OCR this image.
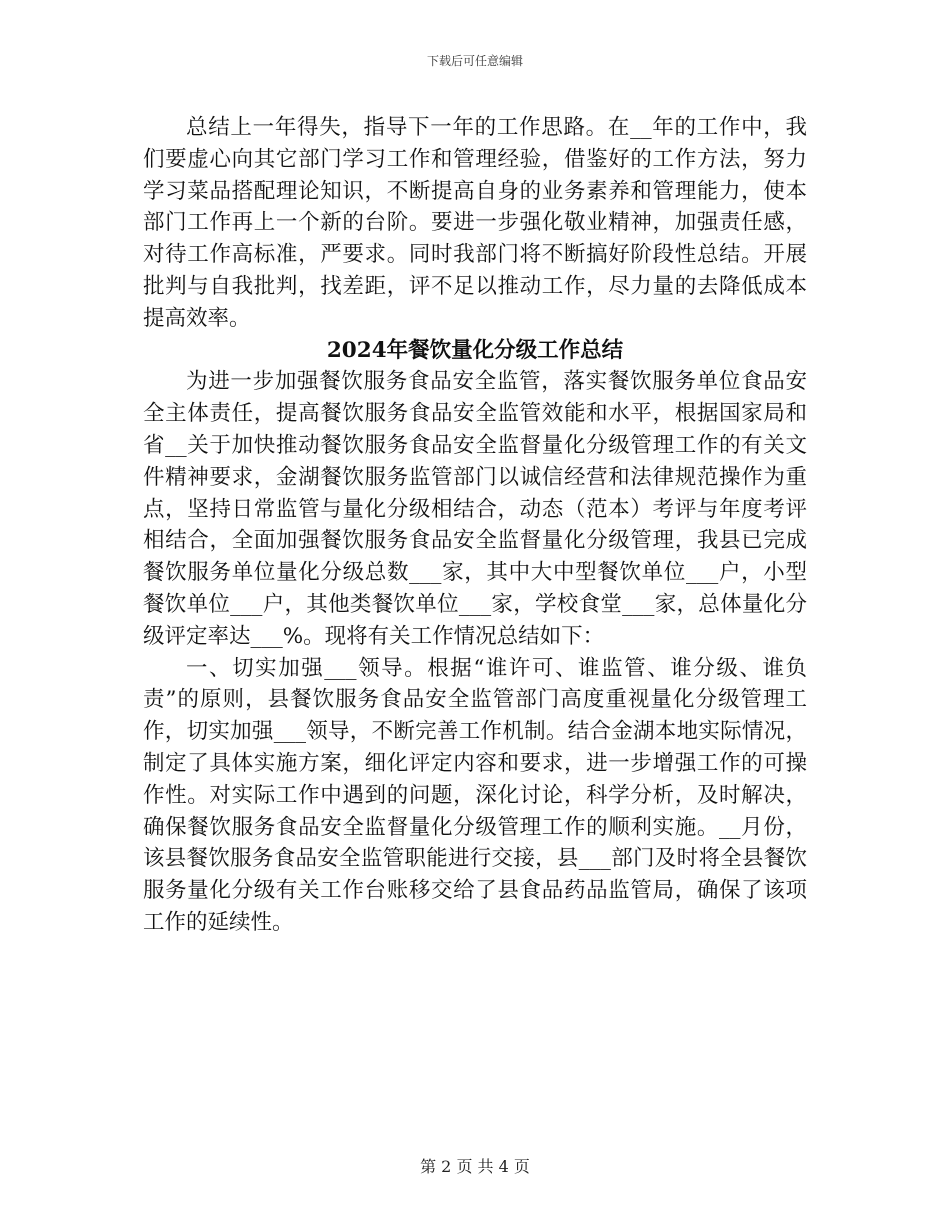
下载后可任意编辑

总结上一年得失，指导下一年的工作思路。在__年的工作中，我们要虚心向其它部门学习工作和管理经验，借鉴好的工作方法，努力学习菜品搭配理论知识，不断提高自身的业务素养和管理能力，使本部门工作再上一个新的台阶。要进一步强化敬业精神，加强责任感，对待工作高标准，严要求。同时我部门将不断搞好阶段性总结。开展批判与自我批判，找差距，评不足以推动工作，尽力量的去降低成本提高效率。

2024年餐饮量化分级工作总结

为进一步加强餐饮服务食品安全监管，落实餐饮服务单位食品安全主体责任，提高餐饮服务食品安全监管效能和水平，根据国家局和省__关于加快推动餐饮服务食品安全监督量化分级管理工作的有关文件精神要求，金湖餐饮服务监管部门以诚信经营和法律规范操作为重点，坚持日常监管与量化分级相结合，动态（范本）考评与年度考评相结合，全面加强餐饮服务食品安全监督量化分级管理，我县已完成餐饮服务单位量化分级总数___家，其中大中型餐饮单位___户，小型餐饮单位___户，其他类餐饮单位___家，学校食堂___家，总体量化分级评定率达___%。现将有关工作情况总结如下：

一、切实加强___领导。根据“谁许可、谁监管、谁分级、谁负责”的原则，县餐饮服务食品安全监管部门高度重视量化分级管理工作，切实加强___领导，不断完善工作机制。结合金湖本地实际情况，制定了具体实施方案，细化评定内容和要求，进一步增强工作的可操作性。对实际工作中遇到的问题，深化讨论，科学分析，及时解决，确保餐饮服务食品安全监督量化分级管理工作的顺利实施。__月份，该县餐饮服务食品安全监管职能进行交接，县___部门及时将全县餐饮服务量化分级有关工作台账移交给了县食品药品监管局，确保了该项工作的延续性。

第 2 页 共 4 页
